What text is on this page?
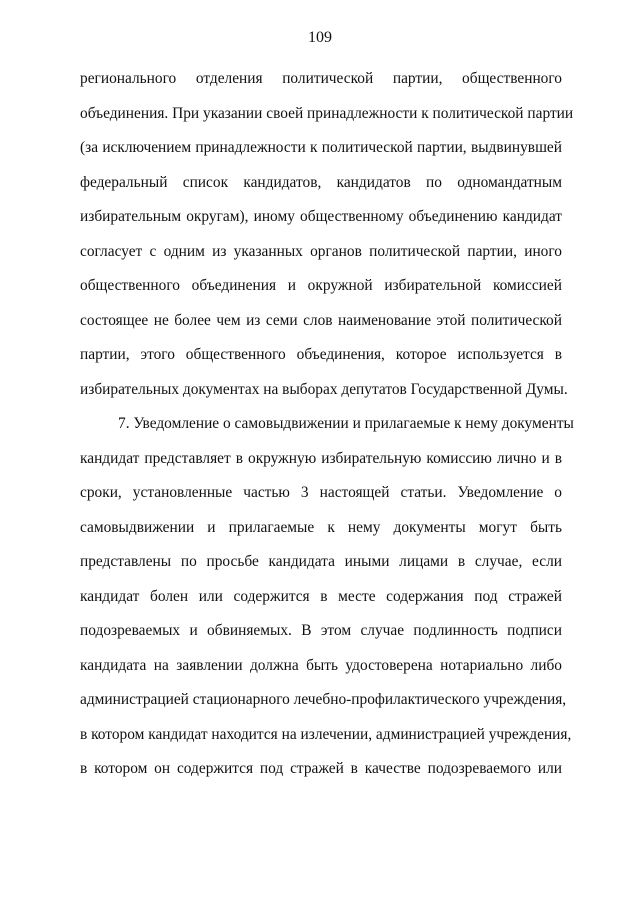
109
регионального отделения политической партии, общественного
объединения. При указании своей принадлежности к политической партии
(за исключением принадлежности к политической партии, выдвинувшей
федеральный список кандидатов, кандидатов по одномандатным
избирательным округам), иному общественному объединению кандидат
согласует с одним из указанных органов политической партии, иного
общественного объединения и окружной избирательной комиссией
состоящее не более чем из семи слов наименование этой политической
партии, этого общественного объединения, которое используется в
избирательных документах на выборах депутатов Государственной Думы.
7. Уведомление о самовыдвижении и прилагаемые к нему документы
кандидат представляет в окружную избирательную комиссию лично и в
сроки, установленные частью 3 настоящей статьи. Уведомление о
самовыдвижении и прилагаемые к нему документы могут быть
представлены по просьбе кандидата иными лицами в случае, если
кандидат болен или содержится в месте содержания под стражей
подозреваемых и обвиняемых. В этом случае подлинность подписи
кандидата на заявлении должна быть удостоверена нотариально либо
администрацией стационарного лечебно-профилактического учреждения,
в котором кандидат находится на излечении, администрацией учреждения,
в котором он содержится под стражей в качестве подозреваемого или
